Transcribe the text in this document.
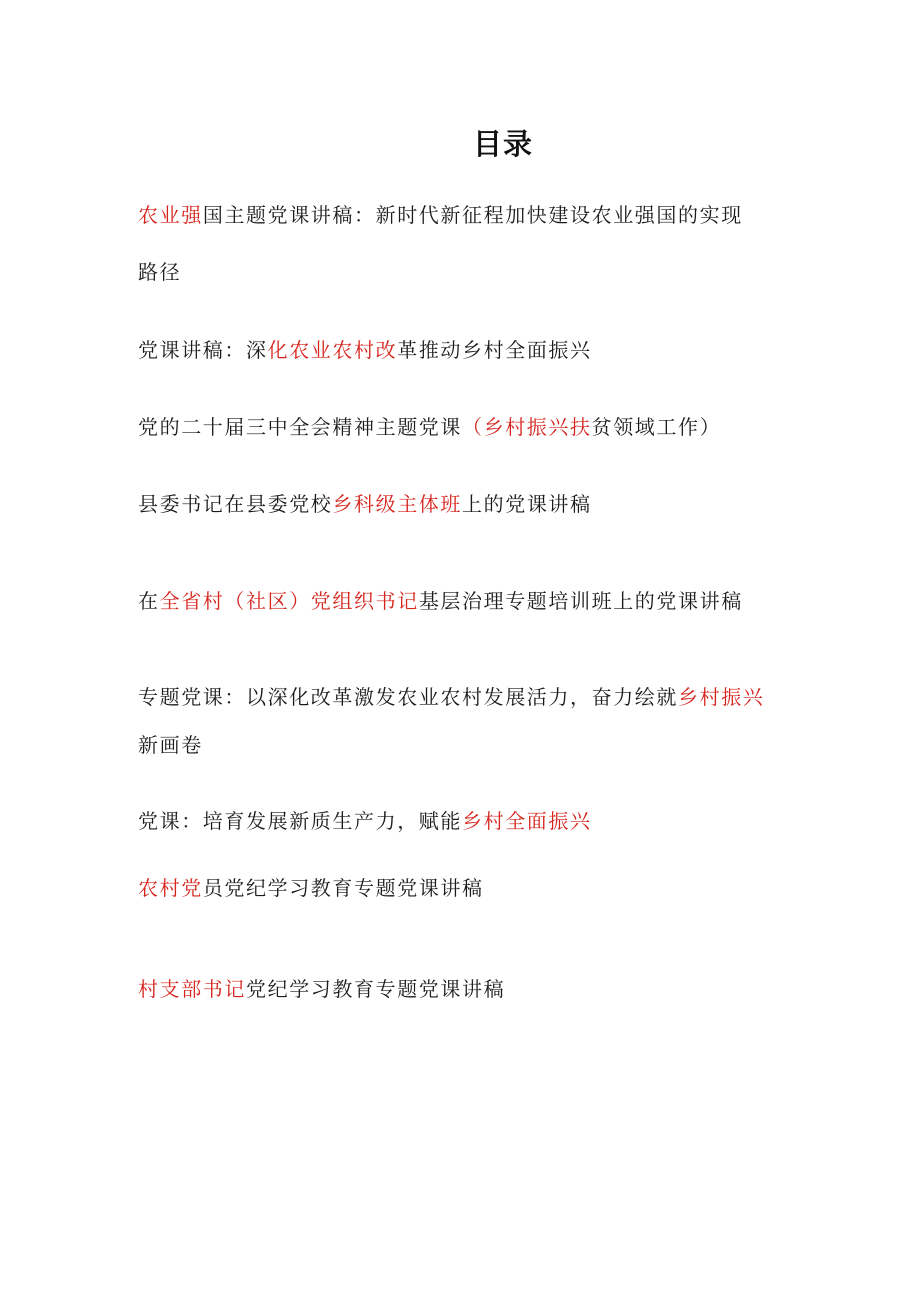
目录
农业强国主题党课讲稿：新时代新征程加快建设农业强国的实现
路径
党课讲稿：深化农业农村改革推动乡村全面振兴
党的二十届三中全会精神主题党课（乡村振兴扶贫领域工作）
县委书记在县委党校乡科级主体班上的党课讲稿
在全省村（社区）党组织书记基层治理专题培训班上的党课讲稿
专题党课：以深化改革激发农业农村发展活力，奋力绘就乡村振兴
新画卷
党课：培育发展新质生产力，赋能乡村全面振兴
农村党员党纪学习教育专题党课讲稿
村支部书记党纪学习教育专题党课讲稿
